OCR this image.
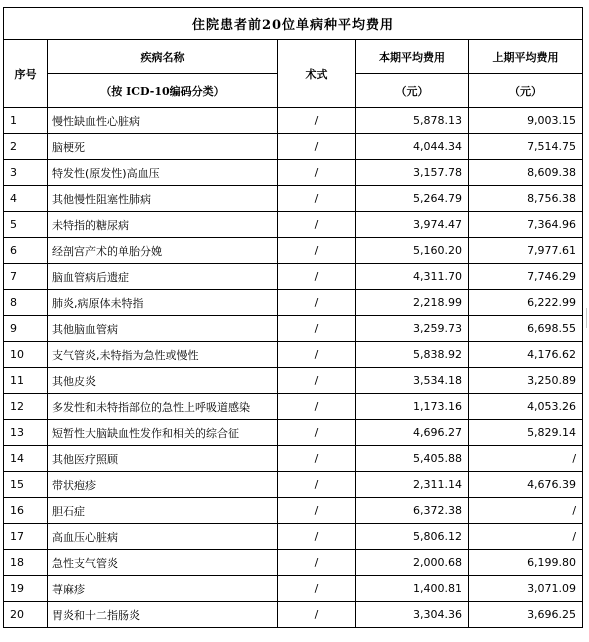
住院患者前20位单病种平均费用				
序号	疾病名称	术式	本期平均费用	上期平均费用
	（按 ICD-10编码分类）		（元）	（元）
1	慢性缺血性心脏病	/	5,878.13	9,003.15
2	脑梗死	/	4,044.34	7,514.75
3	特发性(原发性)高血压	/	3,157.78	8,609.38
4	其他慢性阻塞性肺病	/	5,264.79	8,756.38
5	未特指的糖尿病	/	3,974.47	7,364.96
6	经剖宫产术的单胎分娩	/	5,160.20	7,977.61
7	脑血管病后遗症	/	4,311.70	7,746.29
8	肺炎,病原体未特指	/	2,218.99	6,222.99
9	其他脑血管病	/	3,259.73	6,698.55
10	支气管炎,未特指为急性或慢性	/	5,838.92	4,176.62
11	其他皮炎	/	3,534.18	3,250.89
12	多发性和未特指部位的急性上呼吸道感染	/	1,173.16	4,053.26
13	短暂性大脑缺血性发作和相关的综合征	/	4,696.27	5,829.14
14	其他医疗照顾	/	5,405.88	/
15	带状疱疹	/	2,311.14	4,676.39
16	胆石症	/	6,372.38	/
17	高血压心脏病	/	5,806.12	/
18	急性支气管炎	/	2,000.68	6,199.80
19	荨麻疹	/	1,400.81	3,071.09
20	胃炎和十二指肠炎	/	3,304.36	3,696.25
